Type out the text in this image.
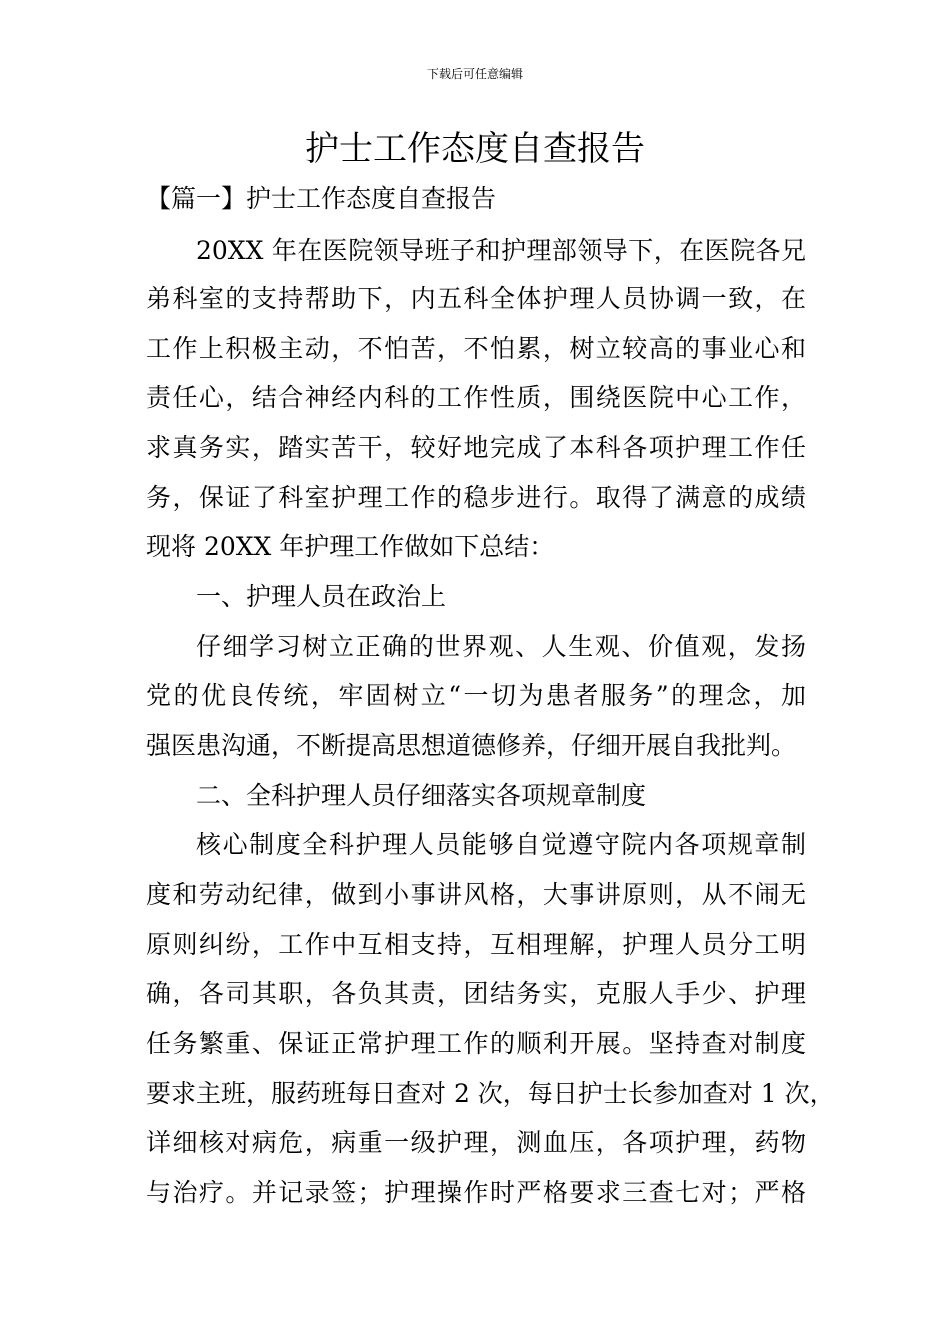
下载后可任意编辑
护士工作态度自查报告
【篇一】护士工作态度自查报告
20XX 年在医院领导班子和护理部领导下，在医院各兄
弟科室的支持帮助下，内五科全体护理人员协调一致，在
工作上积极主动，不怕苦，不怕累，树立较高的事业心和
责任心，结合神经内科的工作性质，围绕医院中心工作，
求真务实，踏实苦干，较好地完成了本科各项护理工作任
务，保证了科室护理工作的稳步进行。取得了满意的成绩
现将 20XX 年护理工作做如下总结：
一、护理人员在政治上
仔细学习树立正确的世界观、人生观、价值观，发扬
党的优良传统，牢固树立“一切为患者服务”的理念，加
强医患沟通，不断提高思想道德修养，仔细开展自我批判。
二、全科护理人员仔细落实各项规章制度
核心制度全科护理人员能够自觉遵守院内各项规章制
度和劳动纪律，做到小事讲风格，大事讲原则，从不闹无
原则纠纷，工作中互相支持，互相理解，护理人员分工明
确，各司其职，各负其责，团结务实，克服人手少、护理
任务繁重、保证正常护理工作的顺利开展。坚持查对制度
要求主班，服药班每日查对 2 次，每日护士长参加查对 1 次，
详细核对病危，病重一级护理，测血压，各项护理，药物
与治疗。并记录签；护理操作时严格要求三查七对；严格
